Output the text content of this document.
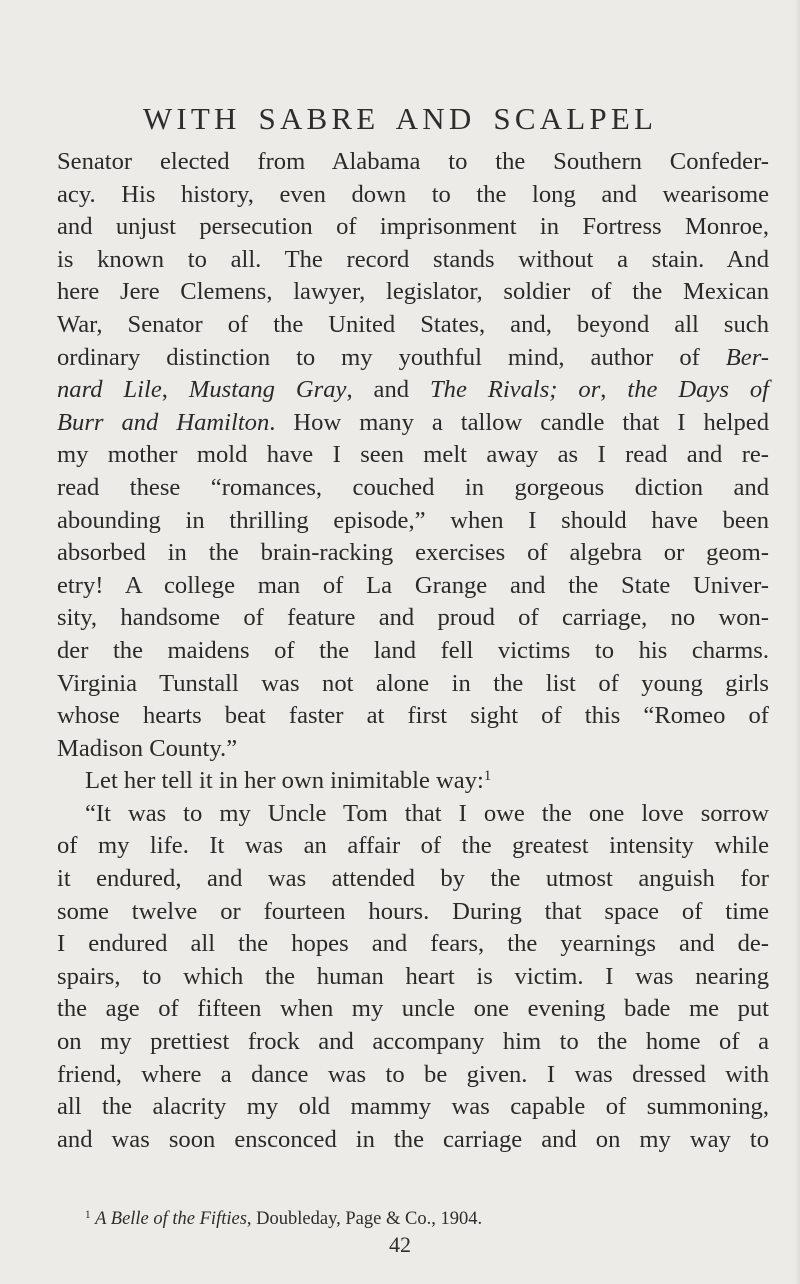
WITH SABRE AND SCALPEL
Senator elected from Alabama to the Southern Confeder-
acy. His history, even down to the long and wearisome
and unjust persecution of imprisonment in Fortress Monroe,
is known to all. The record stands without a stain. And
here Jere Clemens, lawyer, legislator, soldier of the Mexican
War, Senator of the United States, and, beyond all such
ordinary distinction to my youthful mind, author of Ber-
nard Lile, Mustang Gray, and The Rivals; or, the Days of
Burr and Hamilton. How many a tallow candle that I helped
my mother mold have I seen melt away as I read and re-
read these “romances, couched in gorgeous diction and
abounding in thrilling episode,” when I should have been
absorbed in the brain-racking exercises of algebra or geom-
etry! A college man of La Grange and the State Univer-
sity, handsome of feature and proud of carriage, no won-
der the maidens of the land fell victims to his charms.
Virginia Tunstall was not alone in the list of young girls
whose hearts beat faster at first sight of this “Romeo of
Madison County.”
Let her tell it in her own inimitable way:$^1$
“It was to my Uncle Tom that I owe the one love sorrow
of my life. It was an affair of the greatest intensity while
it endured, and was attended by the utmost anguish for
some twelve or fourteen hours. During that space of time
I endured all the hopes and fears, the yearnings and de-
spairs, to which the human heart is victim. I was nearing
the age of fifteen when my uncle one evening bade me put
on my prettiest frock and accompany him to the home of a
friend, where a dance was to be given. I was dressed with
all the alacrity my old mammy was capable of summoning,
and was soon ensconced in the carriage and on my way to
$^1$ A Belle of the Fifties, Doubleday, Page & Co., 1904.
42
